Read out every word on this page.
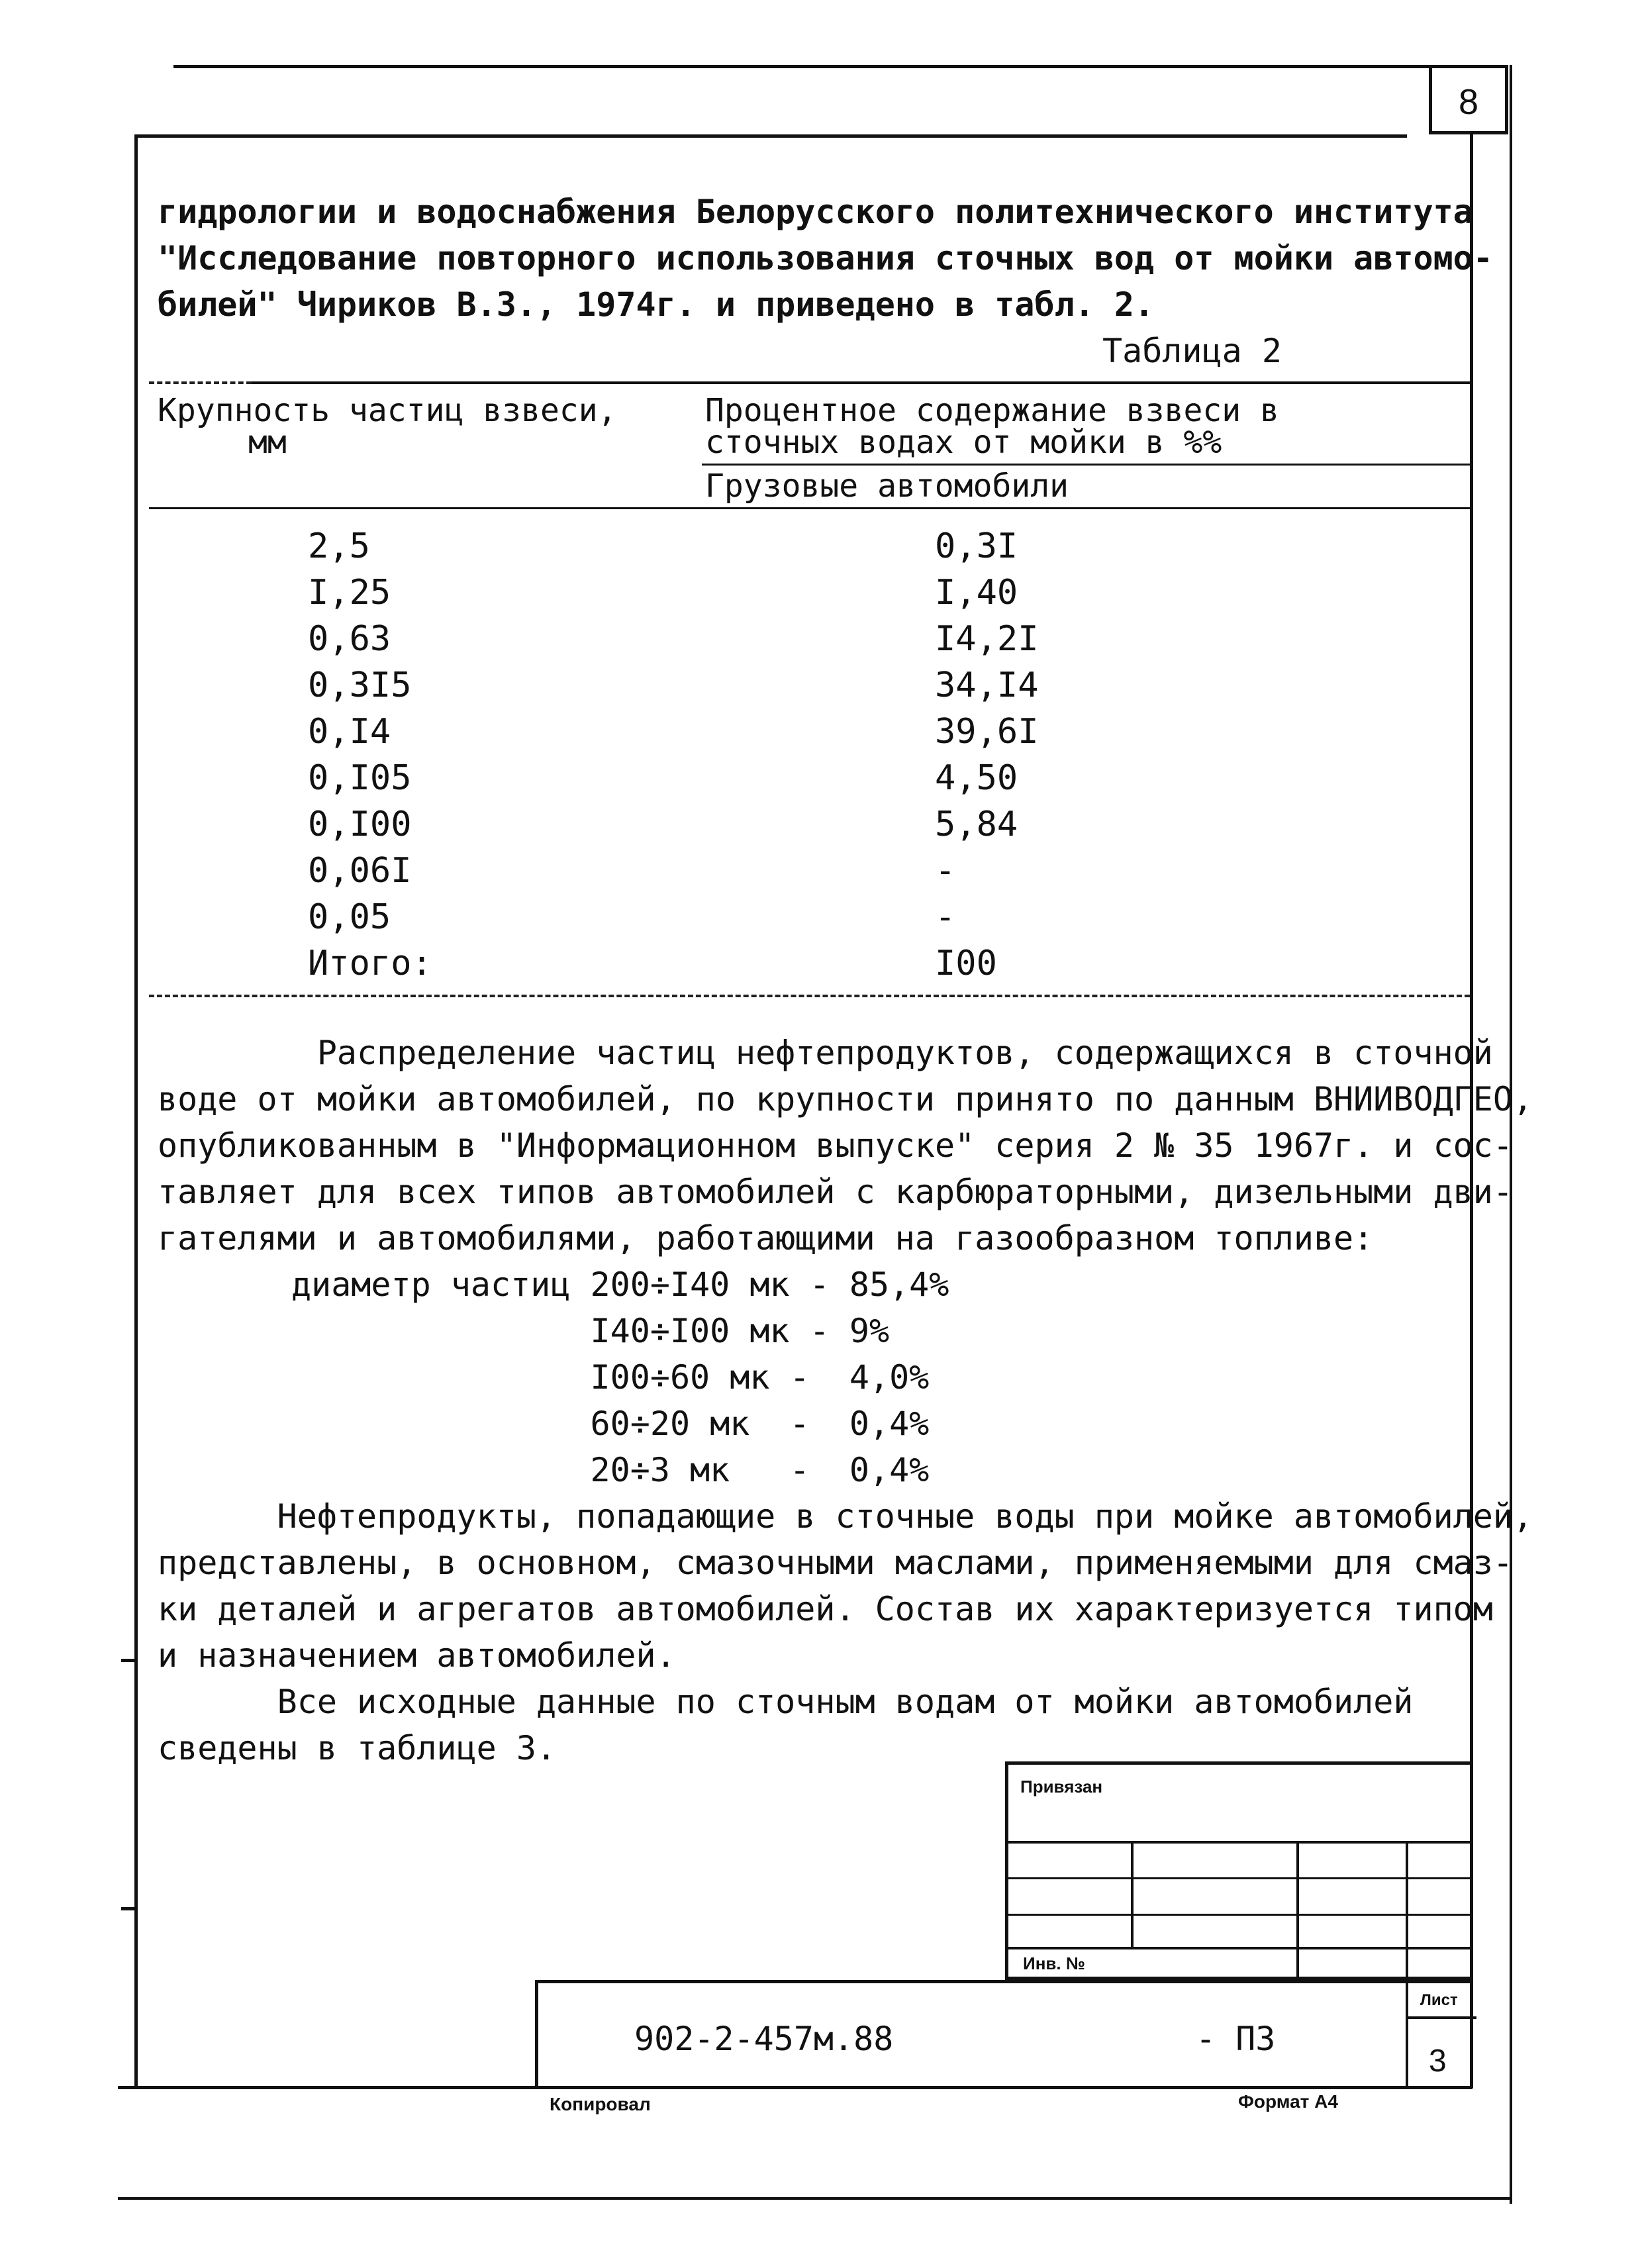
8
гидрологии и водоснабжения Белорусского политехнического института
"Исследование повторного использования сточных вод от мойки автомо-
билей" Чириков В.З., 1974г. и приведено в табл. 2.
Таблица 2
Крупность частиц взвеси,
мм
Процентное содержание взвеси в
сточных водах от мойки в %%
Грузовые автомобили
2,5	0,3I
I,25	I,40
0,63	I4,2I
0,3I5	34,I4
0,I4	39,6I
0,I05	4,50
0,I00	5,84
0,06I	-
0,05	-
Итого:	I00
Распределение частиц нефтепродуктов, содержащихся в сточной
воде от мойки автомобилей, по крупности принято по данным ВНИИВОДГЕО,
опубликованным в "Информационном выпуске" серия 2 № 35 1967г. и сос-
тавляет для всех типов автомобилей с карбюраторными, дизельными дви-
гателями и автомобилями, работающими на газообразном топливе:
диаметр частиц 200÷I40 мк - 85,4%
I40÷I00 мк - 9%
I00÷60 мк -  4,0%
60÷20 мк  -  0,4%
20÷3 мк   -  0,4%
Нефтепродукты, попадающие в сточные воды при мойке автомобилей,
представлены, в основном, смазочными маслами, применяемыми для смаз-
ки деталей и агрегатов автомобилей. Состав их характеризуется типом
и назначением автомобилей.
Все исходные данные по сточным водам от мойки автомобилей
сведены в таблице 3.
Привязан
Инв. №
902-2-457м.88	- ПЗ
Лист
3
Копировал	Формат А4
